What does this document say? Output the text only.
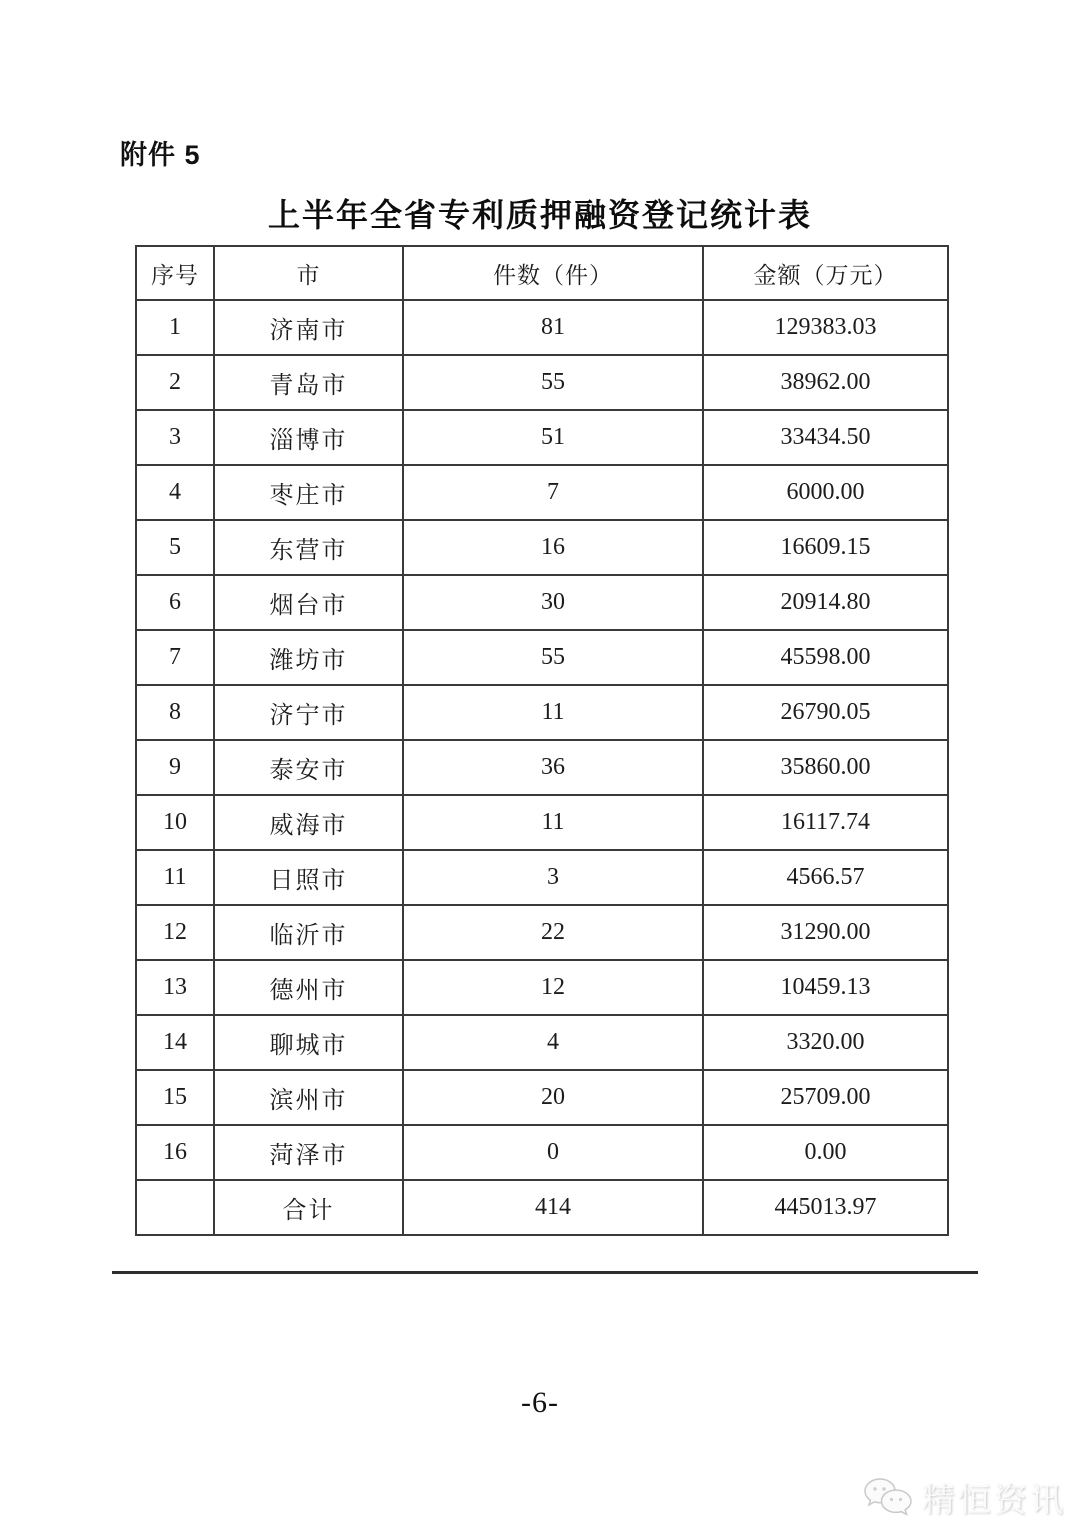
附件 5
上半年全省专利质押融资登记统计表
序号	市	件数（件）	金额（万元）
1	济南市	81	129383.03
2	青岛市	55	38962.00
3	淄博市	51	33434.50
4	枣庄市	7	6000.00
5	东营市	16	16609.15
6	烟台市	30	20914.80
7	潍坊市	55	45598.00
8	济宁市	11	26790.05
9	泰安市	36	35860.00
10	威海市	11	16117.74
11	日照市	3	4566.57
12	临沂市	22	31290.00
13	德州市	12	10459.13
14	聊城市	4	3320.00
15	滨州市	20	25709.00
16	菏泽市	0	0.00
	合计	414	445013.97
-6-
精恒资讯
